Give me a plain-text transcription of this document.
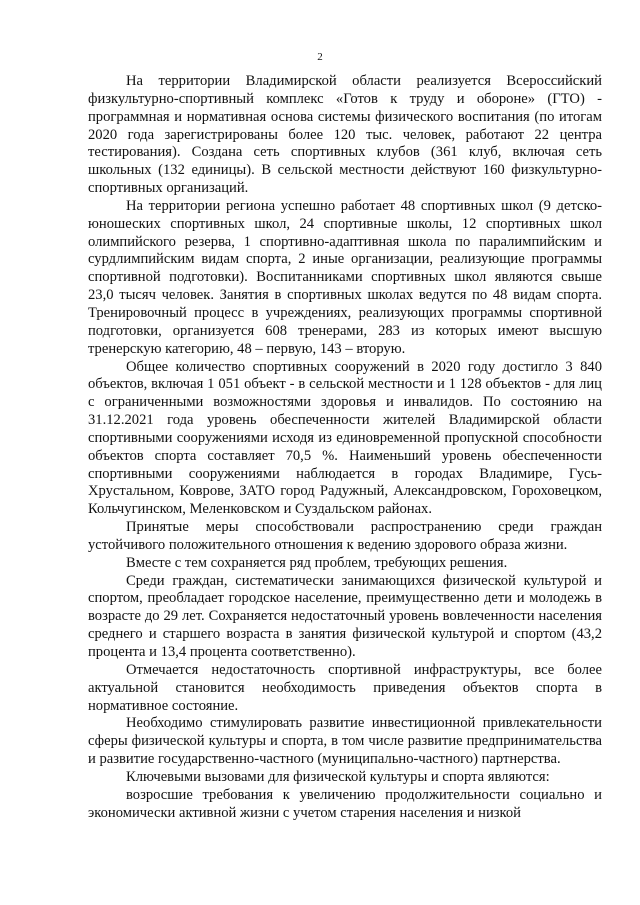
2

На территории Владимирской области реализуется Всероссийский физкультурно-спортивный комплекс «Готов к труду и обороне» (ГТО) - программная и нормативная основа системы физического воспитания (по итогам 2020 года зарегистрированы более 120 тыс. человек, работают 22 центра тестирования). Создана сеть спортивных клубов (361 клуб, включая сеть школьных (132 единицы). В сельской местности действуют 160 физкультурно-спортивных организаций.

На территории региона успешно работает 48 спортивных школ (9 детско-юношеских спортивных школ, 24 спортивные школы, 12 спортивных школ олимпийского резерва, 1 спортивно-адаптивная школа по паралимпийским и сурдлимпийским видам спорта, 2 иные организации, реализующие программы спортивной подготовки). Воспитанниками спортивных школ являются свыше 23,0 тысяч человек. Занятия в спортивных школах ведутся по 48 видам спорта. Тренировочный процесс в учреждениях, реализующих программы спортивной подготовки, организуется 608 тренерами, 283 из которых имеют высшую тренерскую категорию, 48 – первую, 143 – вторую.

Общее количество спортивных сооружений в 2020 году достигло 3 840 объектов, включая 1 051 объект - в сельской местности и 1 128 объектов - для лиц с ограниченными возможностями здоровья и инвалидов. По состоянию на 31.12.2021 года уровень обеспеченности жителей Владимирской области спортивными сооружениями исходя из единовременной пропускной способности объектов спорта составляет 70,5 %. Наименьший уровень обеспеченности спортивными сооружениями наблюдается в городах Владимире, Гусь-Хрустальном, Коврове, ЗАТО город Радужный, Александровском, Гороховецком, Кольчугинском, Меленковском и Суздальском районах.

Принятые меры способствовали распространению среди граждан устойчивого положительного отношения к ведению здорового образа жизни.

Вместе с тем сохраняется ряд проблем, требующих решения.

Среди граждан, систематически занимающихся физической культурой и спортом, преобладает городское население, преимущественно дети и молодежь в возрасте до 29 лет. Сохраняется недостаточный уровень вовлеченности населения среднего и старшего возраста в занятия физической культурой и спортом (43,2 процента и 13,4 процента соответственно).

Отмечается недостаточность спортивной инфраструктуры, все более актуальной становится необходимость приведения объектов спорта в нормативное состояние.

Необходимо стимулировать развитие инвестиционной привлекательности сферы физической культуры и спорта, в том числе развитие предпринимательства и развитие государственно-частного (муниципально-частного) партнерства.

Ключевыми вызовами для физической культуры и спорта являются:

возросшие требования к увеличению продолжительности социально и экономически активной жизни с учетом старения населения и низкой
